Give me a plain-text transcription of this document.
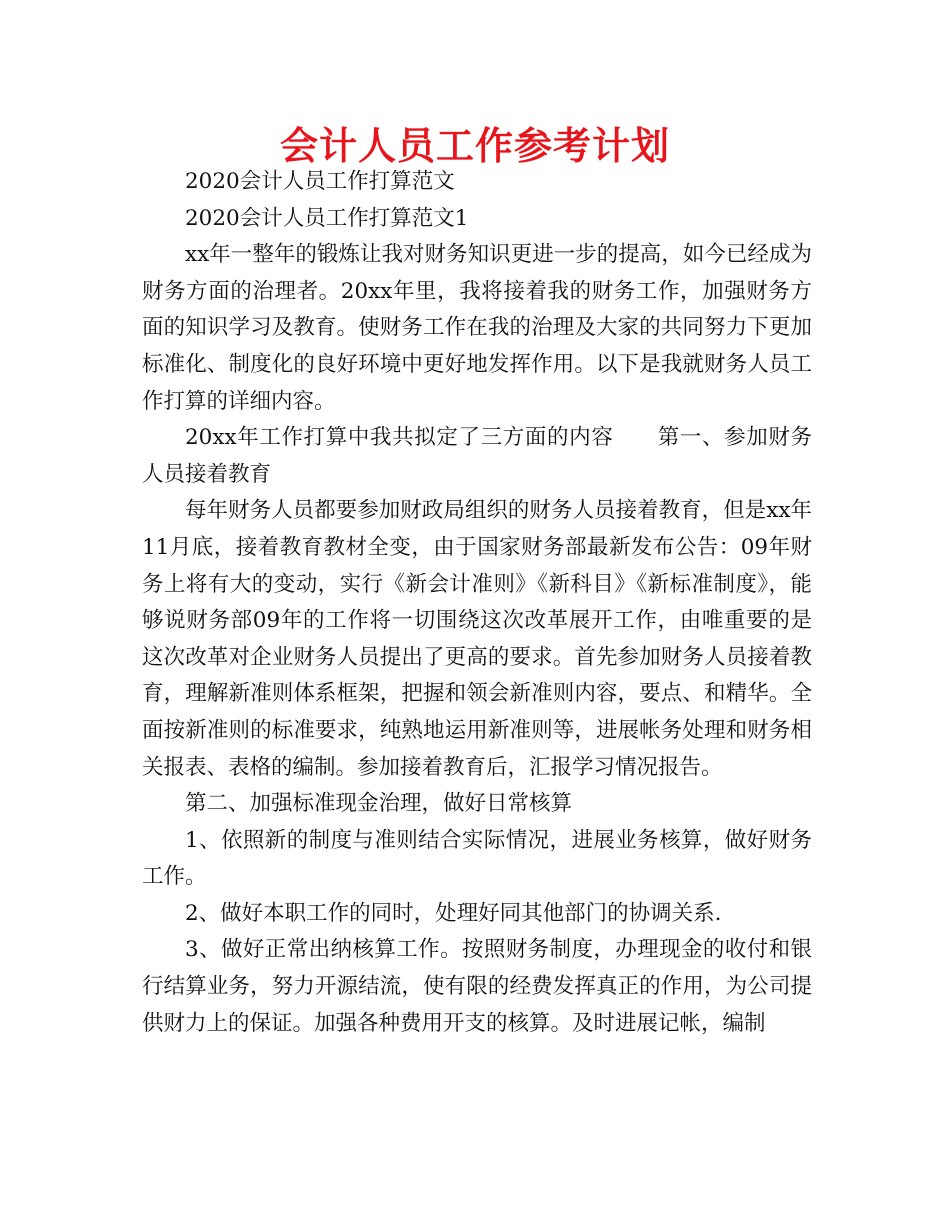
会计人员工作参考计划

2020会计人员工作打算范文

2020会计人员工作打算范文1

xx年一整年的锻炼让我对财务知识更进一步的提高，如今已经成为财务方面的治理者。20xx年里，我将接着我的财务工作，加强财务方面的知识学习及教育。使财务工作在我的治理及大家的共同努力下更加标准化、制度化的良好环境中更好地发挥作用。以下是我就财务人员工作打算的详细内容。

20xx年工作打算中我共拟定了三方面的内容　　第一、参加财务人员接着教育

每年财务人员都要参加财政局组织的财务人员接着教育，但是xx年11月底，接着教育教材全变，由于国家财务部最新发布公告：09年财务上将有大的变动，实行《新会计准则》《新科目》《新标准制度》，能够说财务部09年的工作将一切围绕这次改革展开工作，由唯重要的是这次改革对企业财务人员提出了更高的要求。首先参加财务人员接着教育，理解新准则体系框架，把握和领会新准则内容，要点、和精华。全面按新准则的标准要求，纯熟地运用新准则等，进展帐务处理和财务相关报表、表格的编制。参加接着教育后，汇报学习情况报告。

第二、加强标准现金治理，做好日常核算

1、依照新的制度与准则结合实际情况，进展业务核算，做好财务工作。

2、做好本职工作的同时，处理好同其他部门的协调关系.

3、做好正常出纳核算工作。按照财务制度，办理现金的收付和银行结算业务，努力开源结流，使有限的经费发挥真正的作用，为公司提供财力上的保证。加强各种费用开支的核算。及时进展记帐，编制
